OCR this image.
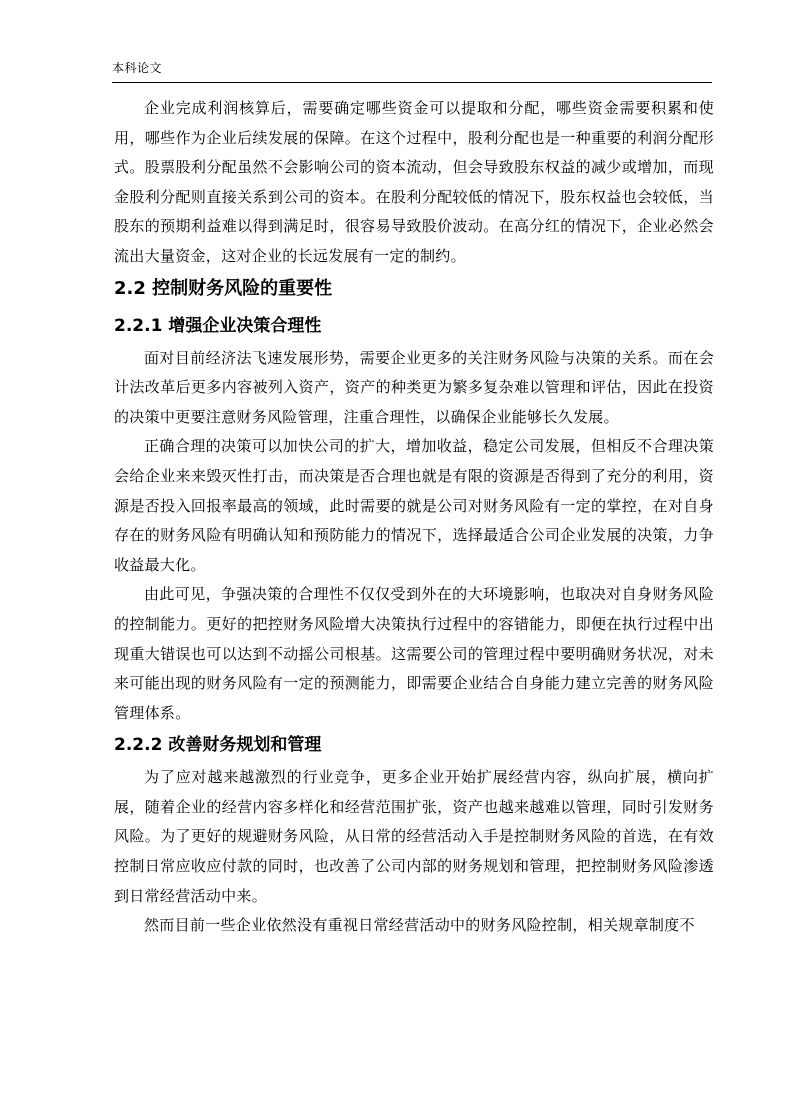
本科论文

企业完成利润核算后，需要确定哪些资金可以提取和分配，哪些资金需要积累和使用，哪些作为企业后续发展的保障。在这个过程中，股利分配也是一种重要的利润分配形式。股票股利分配虽然不会影响公司的资本流动，但会导致股东权益的减少或增加，而现金股利分配则直接关系到公司的资本。在股利分配较低的情况下，股东权益也会较低，当股东的预期利益难以得到满足时，很容易导致股价波动。在高分红的情况下，企业必然会流出大量资金，这对企业的长远发展有一定的制约。

2.2 控制财务风险的重要性
2.2.1 增强企业决策合理性

面对目前经济法飞速发展形势，需要企业更多的关注财务风险与决策的关系。而在会计法改革后更多内容被列入资产，资产的种类更为繁多复杂难以管理和评估，因此在投资的决策中更要注意财务风险管理，注重合理性，以确保企业能够长久发展。

正确合理的决策可以加快公司的扩大，增加收益，稳定公司发展，但相反不合理决策会给企业来来毁灭性打击，而决策是否合理也就是有限的资源是否得到了充分的利用，资源是否投入回报率最高的领域，此时需要的就是公司对财务风险有一定的掌控，在对自身存在的财务风险有明确认知和预防能力的情况下，选择最适合公司企业发展的决策，力争收益最大化。

由此可见，争强决策的合理性不仅仅受到外在的大环境影响，也取决对自身财务风险的控制能力。更好的把控财务风险增大决策执行过程中的容错能力，即便在执行过程中出现重大错误也可以达到不动摇公司根基。这需要公司的管理过程中要明确财务状况，对未来可能出现的财务风险有一定的预测能力，即需要企业结合自身能力建立完善的财务风险管理体系。

2.2.2 改善财务规划和管理

为了应对越来越激烈的行业竞争，更多企业开始扩展经营内容，纵向扩展，横向扩展，随着企业的经营内容多样化和经营范围扩张，资产也越来越难以管理，同时引发财务风险。为了更好的规避财务风险，从日常的经营活动入手是控制财务风险的首选，在有效控制日常应收应付款的同时，也改善了公司内部的财务规划和管理，把控制财务风险渗透到日常经营活动中来。

然而目前一些企业依然没有重视日常经营活动中的财务风险控制，相关规章制度不
